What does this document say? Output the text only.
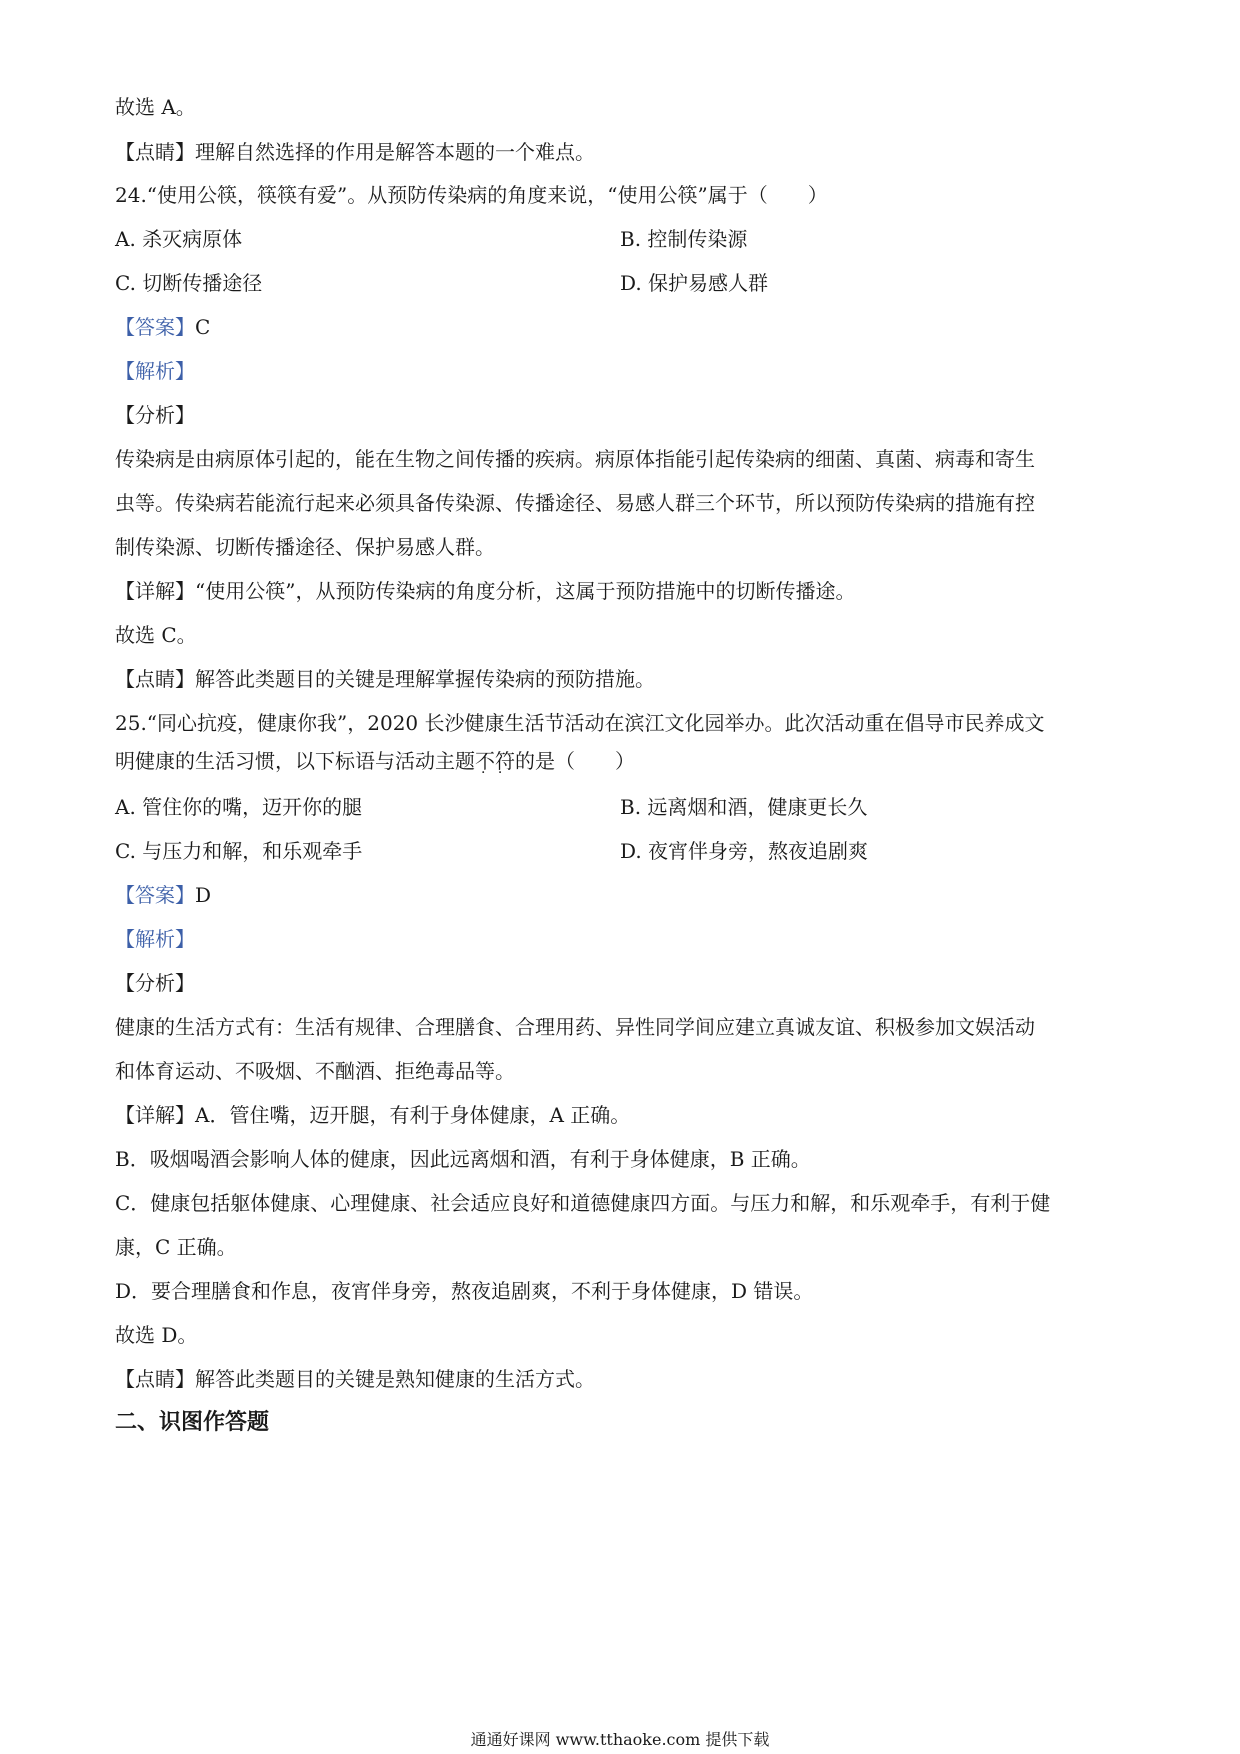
故选 A。
【点睛】理解自然选择的作用是解答本题的一个难点。
24.“使用公筷，筷筷有爱”。从预防传染病的角度来说，“使用公筷”属于（　　）
A. 杀灭病原体	B. 控制传染源
C. 切断传播途径	D. 保护易感人群
【答案】C
【解析】
【分析】
传染病是由病原体引起的，能在生物之间传播的疾病。病原体指能引起传染病的细菌、真菌、病毒和寄生
虫等。传染病若能流行起来必须具备传染源、传播途径、易感人群三个环节，所以预防传染病的措施有控
制传染源、切断传播途径、保护易感人群。
【详解】“使用公筷”，从预防传染病的角度分析，这属于预防措施中的切断传播途。
故选 C。
【点睛】解答此类题目的关键是理解掌握传染病的预防措施。
25.“同心抗疫，健康你我”，2020 长沙健康生活节活动在滨江文化园举办。此次活动重在倡导市民养成文
明健康的生活习惯，以下标语与活动主题不符 · ·的是（　　）
A. 管住你的嘴，迈开你的腿	B. 远离烟和酒，健康更长久
C. 与压力和解，和乐观牵手	D. 夜宵伴身旁，熬夜追剧爽
【答案】D
【解析】
【分析】
健康的生活方式有：生活有规律、合理膳食、合理用药、异性同学间应建立真诚友谊、积极参加文娱活动
和体育运动、不吸烟、不酗酒、拒绝毒品等。
【详解】A．管住嘴，迈开腿，有利于身体健康，A 正确。
B．吸烟喝酒会影响人体的健康，因此远离烟和酒，有利于身体健康，B 正确。
C．健康包括躯体健康、心理健康、社会适应良好和道德健康四方面。与压力和解，和乐观牵手，有利于健
康，C 正确。
D．要合理膳食和作息，夜宵伴身旁，熬夜追剧爽，不利于身体健康，D 错误。
故选 D。
【点睛】解答此类题目的关键是熟知健康的生活方式。
二、识图作答题
通通好课网 www.tthaoke.com 提供下载
